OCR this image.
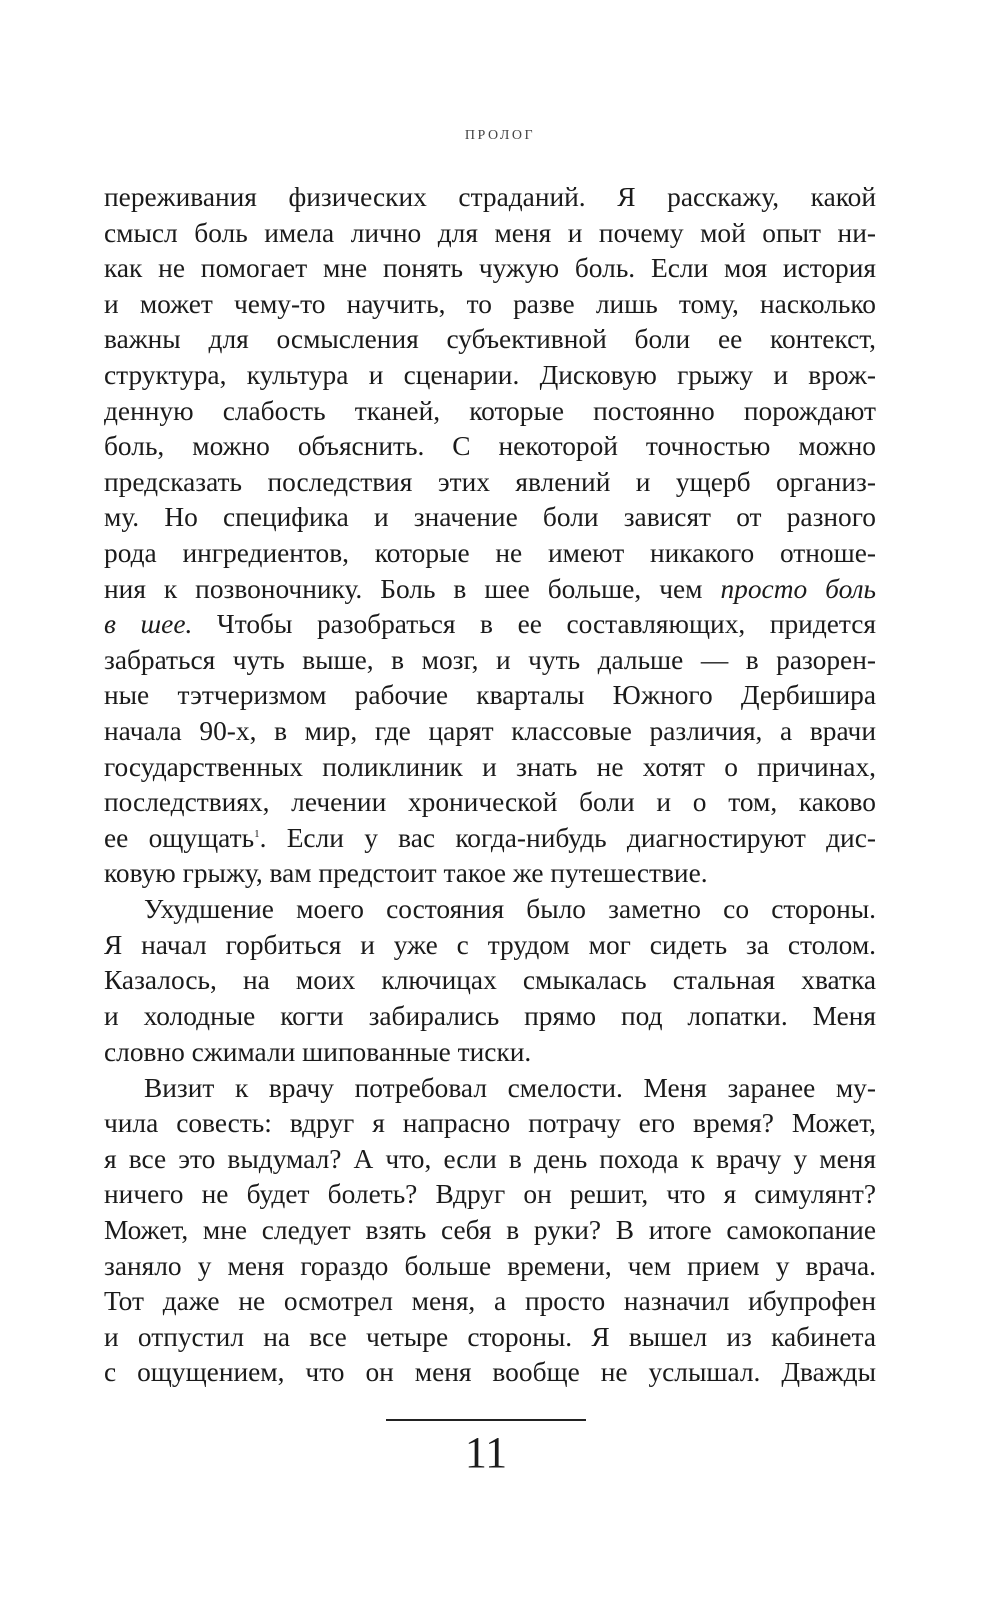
ПРОЛОГ
переживания физических страданий. Я расскажу, какой
смысл боль имела лично для меня и почему мой опыт ни-
как не помогает мне понять чужую боль. Если моя история
и может чему-то научить, то разве лишь тому, насколько
важны для осмысления субъективной боли ее контекст,
структура, культура и сценарии. Дисковую грыжу и врож-
денную слабость тканей, которые постоянно порождают
боль, можно объяснить. С некоторой точностью можно
предсказать последствия этих явлений и ущерб организ-
му. Но специфика и значение боли зависят от разного
рода ингредиентов, которые не имеют никакого отноше-
ния к позвоночнику. Боль в шее больше, чем просто боль
в шее. Чтобы разобраться в ее составляющих, придется
забраться чуть выше, в мозг, и чуть дальше — в разорен-
ные тэтчеризмом рабочие кварталы Южного Дербишира
начала 90-х, в мир, где царят классовые различия, а врачи
государственных поликлиник и знать не хотят о причинах,
последствиях, лечении хронической боли и о том, каково
ее ощущать$^1$. Если у вас когда-нибудь диагностируют дис-
ковую грыжу, вам предстоит такое же путешествие.
Ухудшение моего состояния было заметно со стороны.
Я начал горбиться и уже с трудом мог сидеть за столом.
Казалось, на моих ключицах смыкалась стальная хватка
и холодные когти забирались прямо под лопатки. Меня
словно сжимали шипованные тиски.
Визит к врачу потребовал смелости. Меня заранее му-
чила совесть: вдруг я напрасно потрачу его время? Может,
я все это выдумал? А что, если в день похода к врачу у меня
ничего не будет болеть? Вдруг он решит, что я симулянт?
Может, мне следует взять себя в руки? В итоге самокопание
заняло у меня гораздо больше времени, чем прием у врача.
Тот даже не осмотрел меня, а просто назначил ибупрофен
и отпустил на все четыре стороны. Я вышел из кабинета
с ощущением, что он меня вообще не услышал. Дважды
11
